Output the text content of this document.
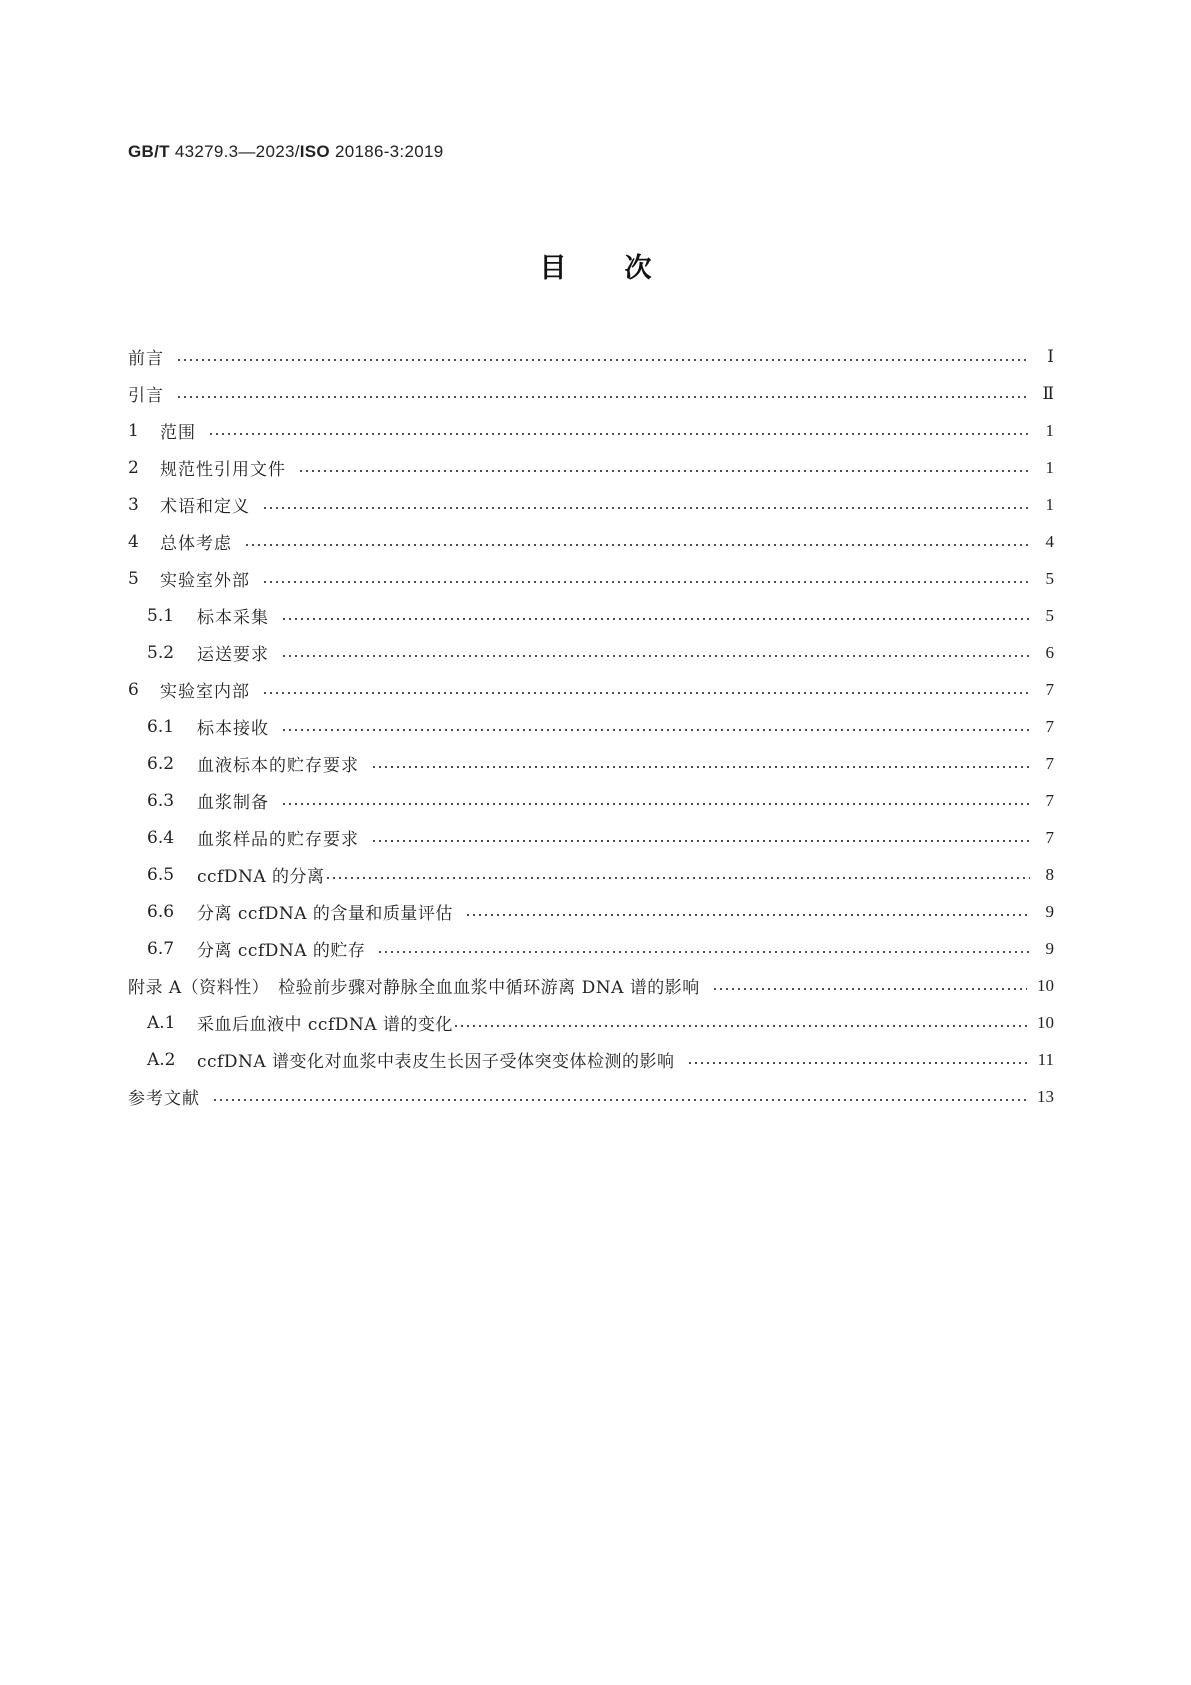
GB/T 43279.3—2023/ISO 20186-3:2019
目次
前言	Ⅰ
引言	Ⅱ
1	范围	1
2	规范性引用文件	1
3	术语和定义	1
4	总体考虑	4
5	实验室外部	5
5.1	标本采集	5
5.2	运送要求	6
6	实验室内部	7
6.1	标本接收	7
6.2	血液标本的贮存要求	7
6.3	血浆制备	7
6.4	血浆样品的贮存要求	7
6.5	ccfDNA 的分离	8
6.6	分离 ccfDNA 的含量和质量评估	9
6.7	分离 ccfDNA 的贮存	9
附录 A（资料性）　检验前步骤对静脉全血血浆中循环游离 DNA 谱的影响	10
A.1	采血后血液中 ccfDNA 谱的变化	10
A.2	ccfDNA 谱变化对血浆中表皮生长因子受体突变体检测的影响	11
参考文献	13
